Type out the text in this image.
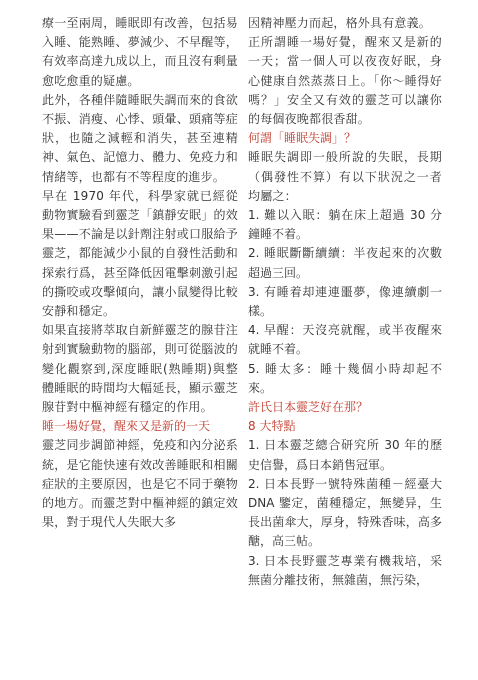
療一至兩周，睡眠即有改善，包括易入睡、能熟睡、夢減少、不早醒等，有效率高達九成以上，而且沒有剩量愈吃愈重的疑慮。

此外，各種伴隨睡眠失調而來的食欲不振、消瘦、心悸、頭暈、頭痛等症狀，也隨之減輕和消失，甚至連精神、氣色、記憶力、體力、免疫力和情緒等，也都有不等程度的進步。

早在 1970 年代，科學家就已經從動物實驗看到靈芝「鎮靜安眠」的效果——不論是以針劑注射或口服給予靈芝，都能減少小鼠的自發性活動和探索行爲，甚至降低因電擊刺激引起的撕咬或攻擊傾向，讓小鼠變得比較安靜和穩定。

如果直接將萃取自新鮮靈芝的腺苷注射到實驗動物的腦部，則可從腦波的變化觀察到,深度睡眠(熟睡期)與整體睡眠的時間均大幅延長，顯示靈芝腺苷對中樞神經有穩定的作用。

睡一場好覺，醒來又是新的一天

靈芝同步調節神經，免疫和內分泌系統，是它能快速有效改善睡眠和相關症狀的主要原因，也是它不同于藥物的地方。而靈芝對中樞神經的鎮定效果，對于現代人失眠大多

因精神壓力而起，格外具有意義。

正所謂睡一場好覺，醒來又是新的一天；當一個人可以夜夜好眠，身心健康自然蒸蒸日上。「你～睡得好嗎？」安全又有效的靈芝可以讓你的每個夜晚都很香甜。

何謂「睡眠失調」？

睡眠失調即一般所說的失眠，長期（偶發性不算）有以下狀況之一者均屬之：

1. 難以入眠：躺在床上超過 30 分鐘睡不着。

2. 睡眠斷斷續續：半夜起來的次數超過三回。

3. 有睡着却連連噩夢，像連續劇一樣。

4. 早醒：天沒亮就醒，或半夜醒來就睡不着。

5. 睡太多：睡十幾個小時却起不來。

許氏日本靈芝好在那？

8 大特點

1. 日本靈芝總合研究所 30 年的歷史信譽，爲日本銷售冠軍。

2. 日本長野一號特殊菌種－經臺大 DNA 鑒定，菌種穩定，無變异，生長出菌傘大，厚身，特殊香味，高多醣，高三帖。

3. 日本長野靈芝專業有機栽培，采無菌分離技術，無雜菌，無污染，
